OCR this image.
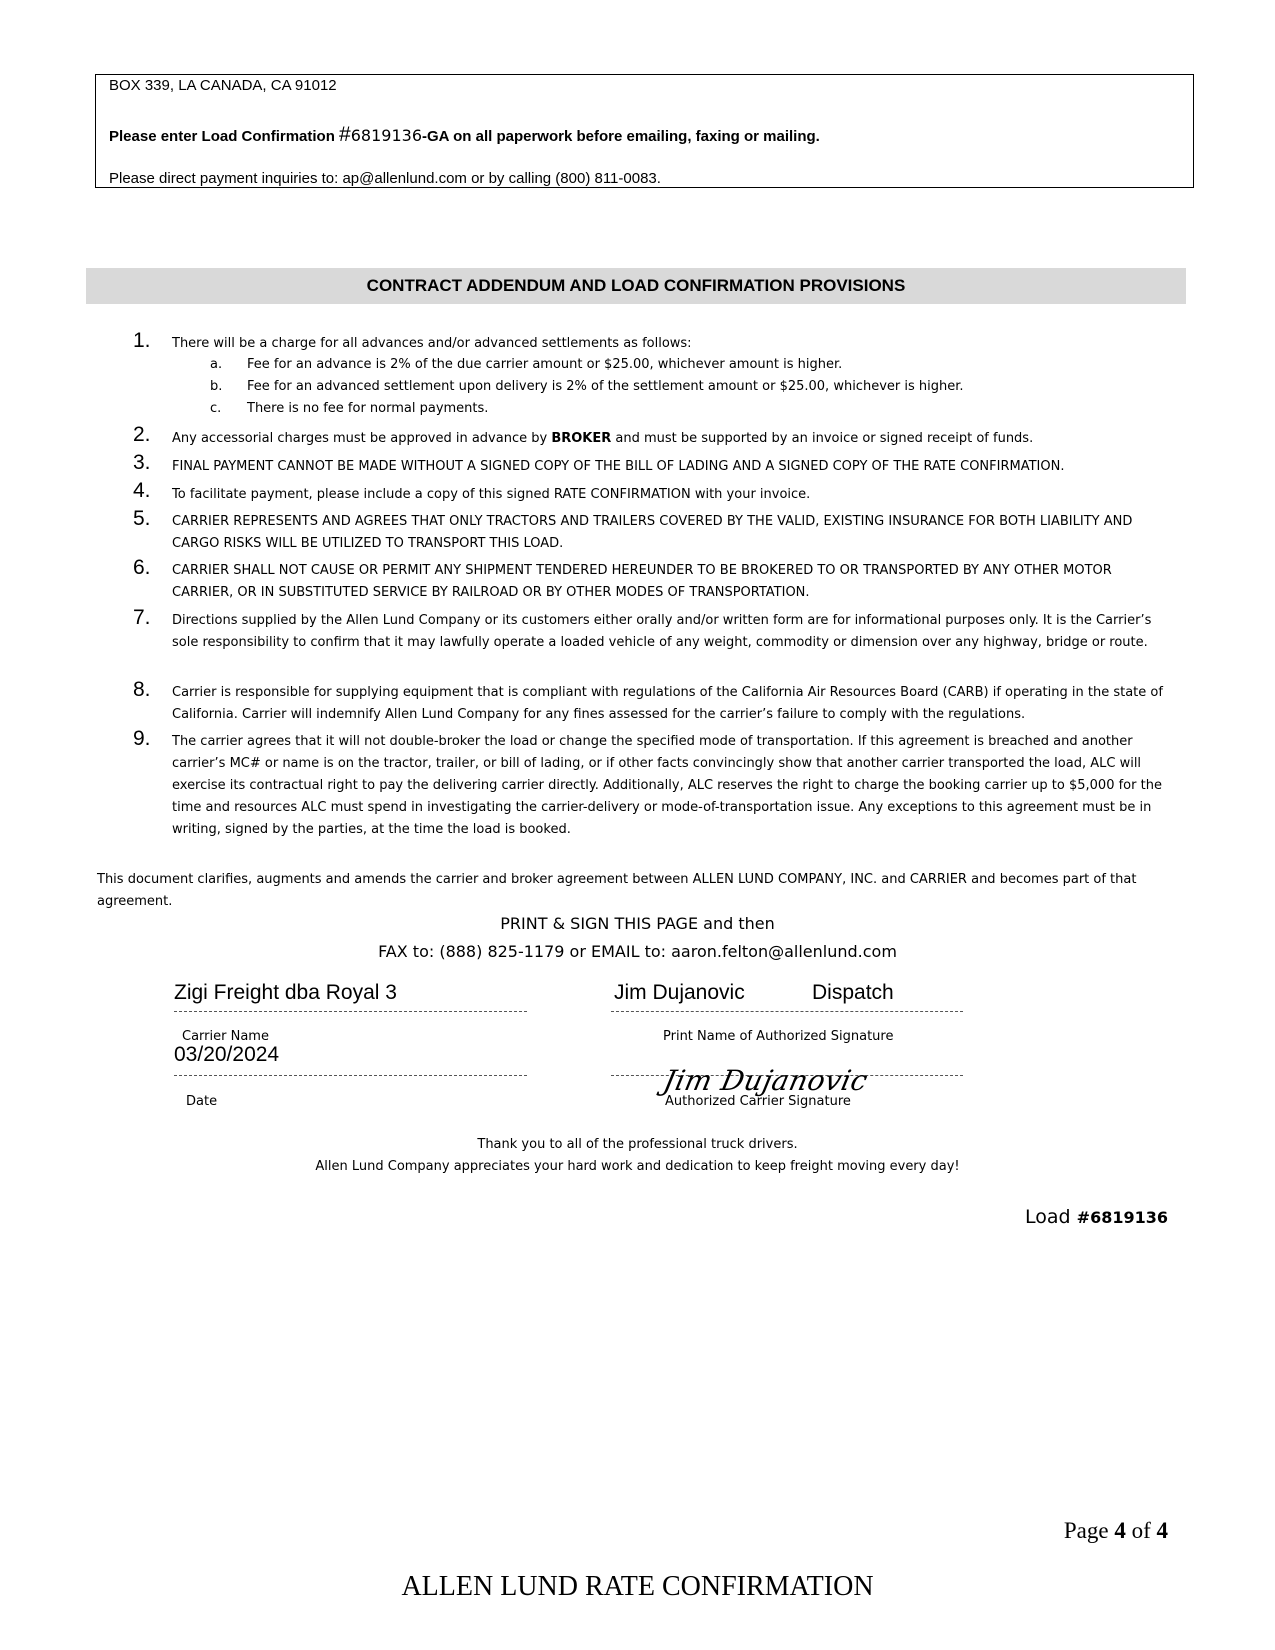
BOX 339, LA CANADA, CA 91012
Please enter Load Confirmation #6819136-GA on all paperwork before emailing, faxing or mailing.
Please direct payment inquiries to: ap@allenlund.com or by calling (800) 811-0083.
CONTRACT ADDENDUM AND LOAD CONFIRMATION PROVISIONS
1. There will be a charge for all advances and/or advanced settlements as follows:
a. Fee for an advance is 2% of the due carrier amount or $25.00, whichever amount is higher.
b. Fee for an advanced settlement upon delivery is 2% of the settlement amount or $25.00, whichever is higher.
c. There is no fee for normal payments.
2. Any accessorial charges must be approved in advance by BROKER and must be supported by an invoice or signed receipt of funds.
3. FINAL PAYMENT CANNOT BE MADE WITHOUT A SIGNED COPY OF THE BILL OF LADING AND A SIGNED COPY OF THE RATE CONFIRMATION.
4. To facilitate payment, please include a copy of this signed RATE CONFIRMATION with your invoice.
5. CARRIER REPRESENTS AND AGREES THAT ONLY TRACTORS AND TRAILERS COVERED BY THE VALID, EXISTING INSURANCE FOR BOTH LIABILITY AND CARGO RISKS WILL BE UTILIZED TO TRANSPORT THIS LOAD.
6. CARRIER SHALL NOT CAUSE OR PERMIT ANY SHIPMENT TENDERED HEREUNDER TO BE BROKERED TO OR TRANSPORTED BY ANY OTHER MOTOR CARRIER, OR IN SUBSTITUTED SERVICE BY RAILROAD OR BY OTHER MODES OF TRANSPORTATION.
7. Directions supplied by the Allen Lund Company or its customers either orally and/or written form are for informational purposes only. It is the Carrier’s sole responsibility to confirm that it may lawfully operate a loaded vehicle of any weight, commodity or dimension over any highway, bridge or route.
8. Carrier is responsible for supplying equipment that is compliant with regulations of the California Air Resources Board (CARB) if operating in the state of California. Carrier will indemnify Allen Lund Company for any fines assessed for the carrier’s failure to comply with the regulations.
9. The carrier agrees that it will not double-broker the load or change the specified mode of transportation. If this agreement is breached and another carrier’s MC# or name is on the tractor, trailer, or bill of lading, or if other facts convincingly show that another carrier transported the load, ALC will exercise its contractual right to pay the delivering carrier directly. Additionally, ALC reserves the right to charge the booking carrier up to $5,000 for the time and resources ALC must spend in investigating the carrier-delivery or mode-of-transportation issue. Any exceptions to this agreement must be in writing, signed by the parties, at the time the load is booked.
This document clarifies, augments and amends the carrier and broker agreement between ALLEN LUND COMPANY, INC. and CARRIER and becomes part of that agreement.
PRINT & SIGN THIS PAGE and then
FAX to: (888) 825-1179 or EMAIL to: aaron.felton@allenlund.com
Zigi Freight dba Royal 3
Carrier Name
Jim Dujanovic	Dispatch
Print Name of Authorized Signature
03/20/2024
Date
Jim Dujanovic
Authorized Carrier Signature
Thank you to all of the professional truck drivers.
Allen Lund Company appreciates your hard work and dedication to keep freight moving every day!
Load #6819136
Page 4 of 4
ALLEN LUND RATE CONFIRMATION
